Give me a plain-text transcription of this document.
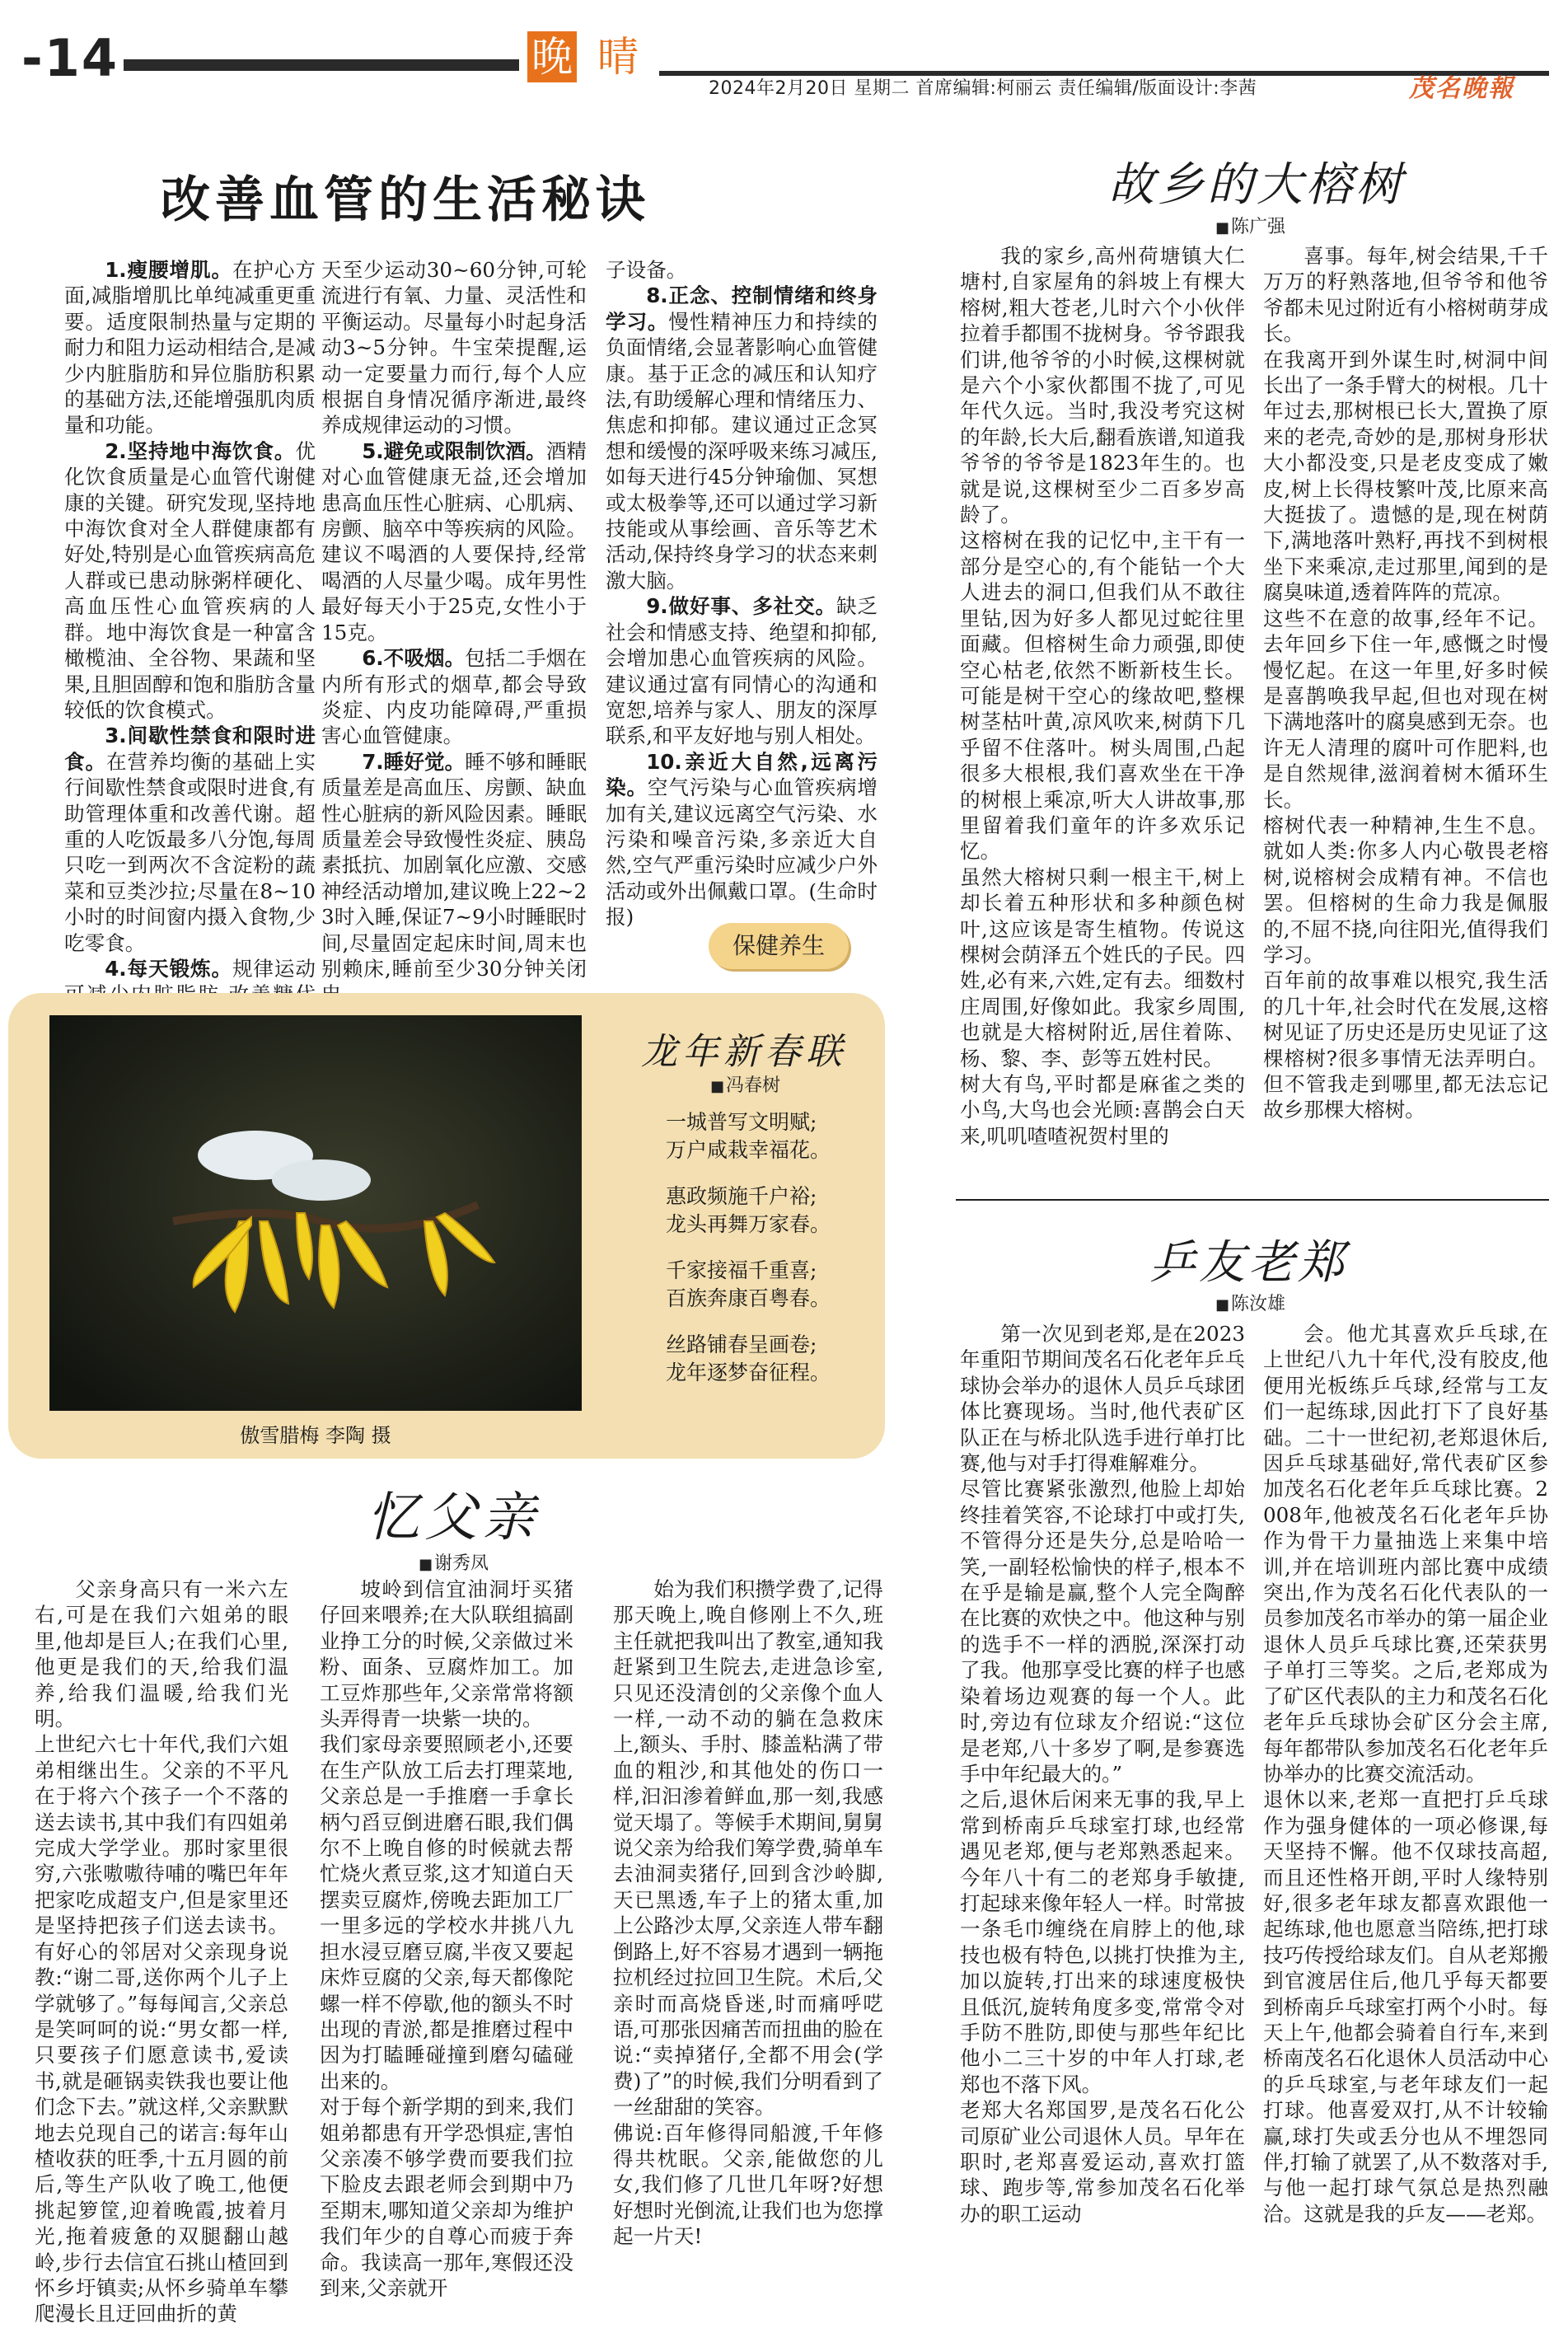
-14	晚 晴
2024年2月20日 星期二 首席编辑:柯丽云 责任编辑/版面设计:李茜	茂名晚報
改善血管的生活秘诀
1.瘦腰增肌。在护心方面,减脂增肌比单纯减重更重要。适度限制热量与定期的耐力和阻力运动相结合,是减少内脏脂肪和异位脂肪积累的基础方法,还能增强肌肉质量和功能。
2.坚持地中海饮食。优化饮食质量是心血管代谢健康的关键。研究发现,坚持地中海饮食对全人群健康都有好处,特别是心血管疾病高危人群或已患动脉粥样硬化、高血压性心血管疾病的人群。地中海饮食是一种富含橄榄油、全谷物、果蔬和坚果,且胆固醇和饱和脂肪含量较低的饮食模式。
3.间歇性禁食和限时进食。在营养均衡的基础上实行间歇性禁食或限时进食,有助管理体重和改善代谢。超重的人吃饭最多八分饱,每周只吃一到两次不含淀粉的蔬菜和豆类沙拉;尽量在8~10小时的时间窗内摄入食物,少吃零食。
4.每天锻炼。规律运动
天至少运动30~60分钟,可轮流进行有氧、力量、灵活性和平衡运动。尽量每小时起身活动3~5分钟。牛宝荣提醒,运动一定要量力而行,每个人应根据自身情况循序渐进,最终养成规律运动的习惯。
5.避免或限制饮酒。酒精对心血管健康无益,还会增加患高血压性心脏病、心肌病、房颤、脑卒中等疾病的风险。建议不喝酒的人要保持,经常喝酒的人尽量少喝。成年男性最好每天小于25克,女性小于15克。
6.不吸烟。包括二手烟在内所有形式的烟草,都会导致炎症、内皮功能障碍,严重损害心血管健康。
7.睡好觉。睡不够和睡眠质量差是高血压、房颤、缺血性心脏病的新风险因素。睡眠质量差会导致慢性炎症、胰岛素抵抗、加剧氧化应激、交感神经活动增加,建议晚上22~23时入睡,保证7~9小时睡眠时间,尽量固定起床时间,周末也别赖床,睡前至少30分钟关闭
子设备。
8.正念、控制情绪和终身学习。慢性精神压力和持续的负面情绪,会显著影响心血管健康。基于正念的减压和认知疗法,有助缓解心理和情绪压力、焦虑和抑郁。建议通过正念冥想和缓慢的深呼吸来练习减压,如每天进行45分钟瑜伽、冥想或太极拳等,还可以通过学习新技能或从事绘画、音乐等艺术活动,保持终身学习的状态来刺激大脑。
9.做好事、多社交。缺乏社会和情感支持、绝望和抑郁,会增加患心血管疾病的风险。建议通过富有同情心的沟通和宽恕,培养与家人、朋友的深厚联系,和平友好地与别人相处。
10.亲近大自然,远离污染。空气污染与心血管疾病增加有关,建议远离空气污染、水污染和噪音污染,多亲近大自然,空气严重污染时应减少户外活动或外出佩戴口罩。(生命时报)
保健养生
傲雪腊梅 李陶 摄
龙年新春联
■ 冯春树
一城普写文明赋;
万户咸栽幸福花。
惠政频施千户裕;
龙头再舞万家春。
千家接福千重喜;
百族奔康百粤春。
丝路铺春呈画卷;
龙年逐梦奋征程。
忆父亲
■ 谢秀凤
父亲身高只有一米六左右,可是在我们六姐弟的眼里,他却是巨人;在我们心里,他更是我们的天,给我们温养,给我们温暖,给我们光明。
上世纪六七十年代,我们六姐弟相继出生。父亲的不平凡在于将六个孩子一个不落的送去读书,其中我们有四姐弟完成大学学业。那时家里很穷,六张嗷嗷待哺的嘴巴年年把家吃成超支户,但是家里还是坚持把孩子们送去读书。有好心的邻居对父亲现身说教:“谢二哥,送你两个儿子上学就够了。”每每闻言,父亲总是笑呵呵的说:“男女都一样,只要孩子们愿意读书,爱读书,就是砸锅卖铁我也要让他们念下去。”就这样,父亲默默地去兑现自己的诺言:每年山楂收获的旺季,十五月圆的前后,等生产队收了晚工,他便挑起箩筐,迎着晚霞,披着月光,拖着疲惫的双腿翻山越岭,步行去信宜石挑山楂回到怀乡圩镇卖;从怀乡骑单车攀爬漫长且迂回曲折的黄
坡岭到信宜油洞圩买猪仔回来喂养;在大队联组搞副业挣工分的时候,父亲做过米粉、面条、豆腐炸加工。加工豆炸那些年,父亲常常将额头弄得青一块紫一块的。
我们家母亲要照顾老小,还要在生产队放工后去打理菜地,父亲总是一手推磨一手拿长柄勺舀豆倒进磨石眼,我们偶尔不上晚自修的时候就去帮忙烧火煮豆浆,这才知道白天摆卖豆腐炸,傍晚去距加工厂一里多远的学校水井挑八九担水浸豆磨豆腐,半夜又要起床炸豆腐的父亲,每天都像陀螺一样不停歇,他的额头不时出现的青淤,都是推磨过程中因为打瞌睡碰撞到磨勾磕碰出来的。
对于每个新学期的到来,我们姐弟都患有开学恐惧症,害怕父亲凑不够学费而要我们拉下脸皮去跟老师会到期中乃至期末,哪知道父亲却为维护我们年少的自尊心而疲于奔命。我读高一那年,寒假还没到来,父亲就开
始为我们积攒学费了,记得那天晚上,晚自修刚上不久,班主任就把我叫出了教室,通知我赶紧到卫生院去,走进急诊室,只见还没清创的父亲像个血人一样,一动不动的躺在急救床上,额头、手肘、膝盖粘满了带血的粗沙,和其他处的伤口一样,汩汩渗着鲜血,那一刻,我感觉天塌了。等候手术期间,舅舅说父亲为给我们筹学费,骑单车去油洞卖猪仔,回到含沙岭脚,天已黑透,车子上的猪太重,加上公路沙太厚,父亲连人带车翻倒路上,好不容易才遇到一辆拖拉机经过拉回卫生院。术后,父亲时而高烧昏迷,时而痛呼呓语,可那张因痛苦而扭曲的脸在说:“卖掉猪仔,全都不用会(学费)了”的时候,我们分明看到了一丝甜甜的笑容。
佛说:百年修得同船渡,千年修得共枕眠。父亲,能做您的儿女,我们修了几世几年呀?好想好想时光倒流,让我们也为您撑起一片天!
故乡的大榕树
■ 陈广强
我的家乡,高州荷塘镇大仁塘村,自家屋角的斜坡上有棵大榕树,粗大苍老,儿时六个小伙伴拉着手都围不拢树身。爷爷跟我们讲,他爷爷的小时候,这棵树就是六个小家伙都围不拢了,可见年代久远。当时,我没考究这树的年龄,长大后,翻看族谱,知道我爷爷的爷爷是1823年生的。也就是说,这棵树至少二百多岁高龄了。
这榕树在我的记忆中,主干有一部分是空心的,有个能钻一个大人进去的洞口,但我们从不敢往里钻,因为好多人都见过蛇往里面藏。但榕树生命力顽强,即使空心枯老,依然不断新枝生长。可能是树干空心的缘故吧,整棵树茎枯叶黄,凉风吹来,树荫下几乎留不住落叶。树头周围,凸起很多大根根,我们喜欢坐在干净的树根上乘凉,听大人讲故事,那里留着我们童年的许多欢乐记忆。
虽然大榕树只剩一根主干,树上却长着五种形状和多种颜色树叶,这应该是寄生植物。传说这棵树会荫泽五个姓氏的子民。四姓,必有来,六姓,定有去。细数村庄周围,好像如此。我家乡周围,也就是大榕树附近,居住着陈、杨、黎、李、彭等五姓村民。
树大有鸟,平时都是麻雀之类的小鸟,大鸟也会光顾:喜鹊会白天来,叽叽喳喳祝贺村里的
喜事。每年,树会结果,千千万万的籽熟落地,但爷爷和他爷爷都未见过附近有小榕树萌芽成长。
在我离开到外谋生时,树洞中间长出了一条手臂大的树根。几十年过去,那树根已长大,置换了原来的老壳,奇妙的是,那树身形状大小都没变,只是老皮变成了嫩皮,树上长得枝繁叶茂,比原来高大挺拔了。遗憾的是,现在树荫下,满地落叶熟籽,再找不到树根坐下来乘凉,走过那里,闻到的是腐臭味道,透着阵阵的荒凉。
这些不在意的故事,经年不记。去年回乡下住一年,感慨之时慢慢忆起。在这一年里,好多时候是喜鹊唤我早起,但也对现在树下满地落叶的腐臭感到无奈。也许无人清理的腐叶可作肥料,也是自然规律,滋润着树木循环生长。
榕树代表一种精神,生生不息。就如人类:你多人内心敬畏老榕树,说榕树会成精有神。不信也罢。但榕树的生命力我是佩服的,不屈不挠,向往阳光,值得我们学习。
百年前的故事难以根究,我生活的几十年,社会时代在发展,这榕树见证了历史还是历史见证了这棵榕树?很多事情无法弄明白。但不管我走到哪里,都无法忘记故乡那棵大榕树。
乒友老郑
■ 陈汝雄
第一次见到老郑,是在2023年重阳节期间茂名石化老年乒乓球协会举办的退休人员乒乓球团体比赛现场。当时,他代表矿区队正在与桥北队选手进行单打比赛,他与对手打得难解难分。
尽管比赛紧张激烈,他脸上却始终挂着笑容,不论球打中或打失,不管得分还是失分,总是哈哈一笑,一副轻松愉快的样子,根本不在乎是输是赢,整个人完全陶醉在比赛的欢快之中。他这种与别的选手不一样的洒脱,深深打动了我。他那享受比赛的样子也感染着场边观赛的每一个人。此时,旁边有位球友介绍说:“这位是老郑,八十多岁了啊,是参赛选手中年纪最大的。”
之后,退休后闲来无事的我,早上常到桥南乒乓球室打球,也经常遇见老郑,便与老郑熟悉起来。今年八十有二的老郑身手敏捷,打起球来像年轻人一样。时常披一条毛巾缠绕在肩脖上的他,球技也极有特色,以挑打快推为主,加以旋转,打出来的球速度极快且低沉,旋转角度多变,常常令对手防不胜防,即使与那些年纪比他小二三十岁的中年人打球,老郑也不落下风。
老郑大名郑国罗,是茂名石化公司原矿业公司退休人员。早年在职时,老郑喜爱运动,喜欢打篮球、跑步等,常参加茂名石化举办的职工运动
会。他尤其喜欢乒乓球,在上世纪八九十年代,没有胶皮,他便用光板练乒乓球,经常与工友们一起练球,因此打下了良好基础。二十一世纪初,老郑退休后,因乒乓球基础好,常代表矿区参加茂名石化老年乒乓球比赛。2008年,他被茂名石化老年乒协作为骨干力量抽选上来集中培训,并在培训班内部比赛中成绩突出,作为茂名石化代表队的一员参加茂名市举办的第一届企业退休人员乒乓球比赛,还荣获男子单打三等奖。之后,老郑成为了矿区代表队的主力和茂名石化老年乒乓球协会矿区分会主席,每年都带队参加茂名石化老年乒协举办的比赛交流活动。
退休以来,老郑一直把打乒乓球作为强身健体的一项必修课,每天坚持不懈。他不仅球技高超,而且还性格开朗,平时人缘特别好,很多老年球友都喜欢跟他一起练球,他也愿意当陪练,把打球技巧传授给球友们。自从老郑搬到官渡居住后,他几乎每天都要到桥南乒乓球室打两个小时。每天上午,他都会骑着自行车,来到桥南茂名石化退休人员活动中心的乒乓球室,与老年球友们一起打球。他喜爱双打,从不计较输赢,球打失或丢分也从不埋怨同伴,打输了就罢了,从不数落对手,与他一起打球气氛总是热烈融洽。这就是我的乒友——老郑。
